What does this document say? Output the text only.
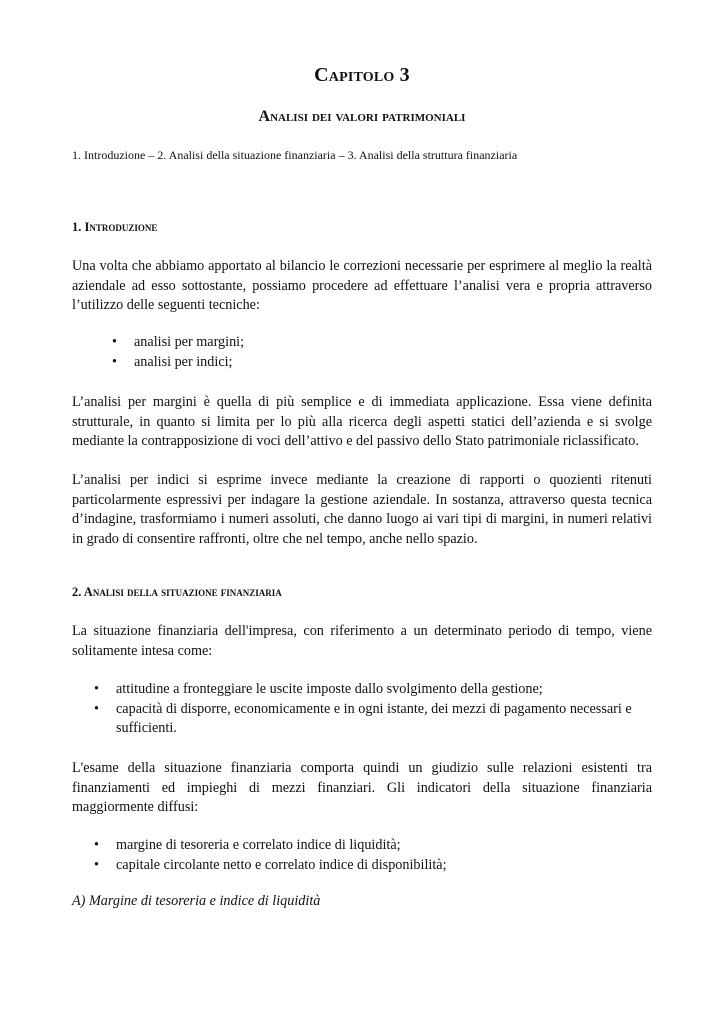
Capitolo 3
Analisi dei valori patrimoniali
1. Introduzione – 2. Analisi della situazione finanziaria – 3. Analisi della struttura finanziaria
1. Introduzione

Una volta che abbiamo apportato al bilancio le correzioni necessarie per esprimere al meglio la realtà aziendale ad esso sottostante, possiamo procedere ad effettuare l’analisi vera e propria attraverso l’utilizzo delle seguenti tecniche:

• analisi per margini;
• analisi per indici;

L’analisi per margini è quella di più semplice e di immediata applicazione. Essa viene definita strutturale, in quanto si limita per lo più alla ricerca degli aspetti statici dell’azienda e si svolge mediante la contrapposizione di voci dell’attivo e del passivo dello Stato patrimoniale riclassificato.

L’analisi per indici si esprime invece mediante la creazione di rapporti o quozienti ritenuti particolarmente espressivi per indagare la gestione aziendale. In sostanza, attraverso questa tecnica d’indagine, trasformiamo i numeri assoluti, che danno luogo ai vari tipi di margini, in numeri relativi in grado di consentire raffronti, oltre che nel tempo, anche nello spazio.

2. Analisi della situazione finanziaria

La situazione finanziaria dell'impresa, con riferimento a un determinato periodo di tempo, viene solitamente intesa come:

• attitudine a fronteggiare le uscite imposte dallo svolgimento della gestione;
• capacità di disporre, economicamente e in ogni istante, dei mezzi di pagamento necessari e sufficienti.

L'esame della situazione finanziaria comporta quindi un giudizio sulle relazioni esistenti tra finanziamenti ed impieghi di mezzi finanziari. Gli indicatori della situazione finanziaria maggiormente diffusi:

• margine di tesoreria e correlato indice di liquidità;
• capitale circolante netto e correlato indice di disponibilità;
A) Margine di tesoreria e indice di liquidità
